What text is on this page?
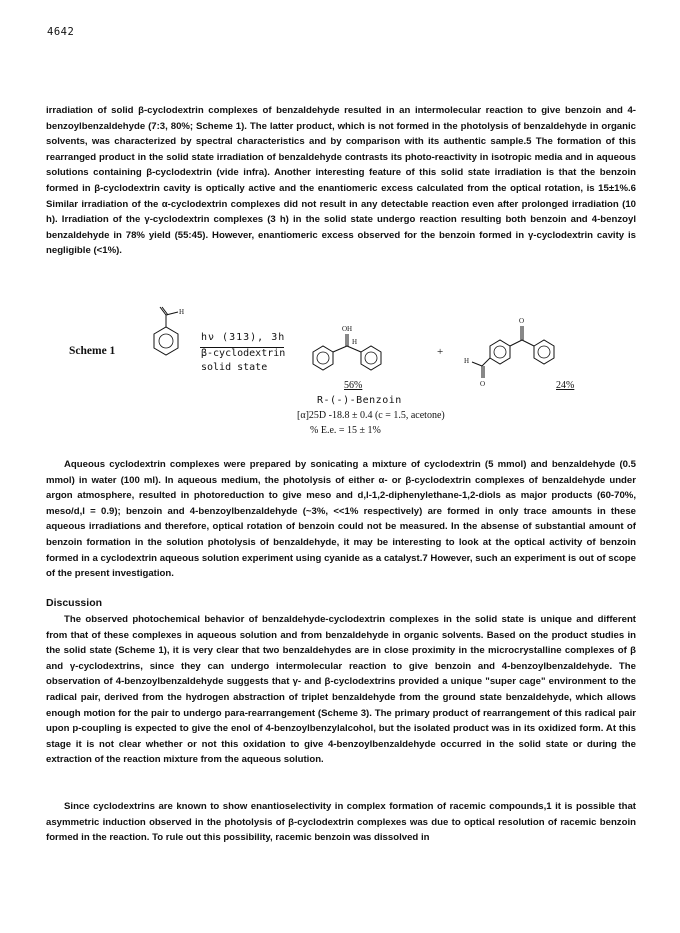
4642

irradiation of solid β-cyclodextrin complexes of benzaldehyde resulted in an intermolecular reaction to give benzoin and 4-benzoylbenzaldehyde (7:3, 80%; Scheme 1). The latter product, which is not formed in the photolysis of benzaldehyde in organic solvents, was characterized by spectral characteristics and by comparison with its authentic sample.5 The formation of this rearranged product in the solid state irradiation of benzaldehyde contrasts its photo-reactivity in isotropic media and in aqueous solutions containing β-cyclodextrin (vide infra). Another interesting feature of this solid state irradiation is that the benzoin formed in β-cyclodextrin cavity is optically active and the enantiomeric excess calculated from the optical rotation, is 15±1%.6 Similar irradiation of the α-cyclodextrin complexes did not result in any detectable reaction even after prolonged irradiation (10 h). Irradiation of the γ-cyclodextrin complexes (3 h) in the solid state undergo reaction resulting both benzoin and 4-benzoyl benzaldehyde in 78% yield (55:45). However, enantiomeric excess observed for the benzoin formed in γ-cyclodextrin cavity is negligible (<1%).

Scheme 1
H
hν (313), 3h
β-cyclodextrin
solid state
OH
H
+
H
O
O
56%	24%
R-(-)-Benzoin
[α]25D -18.8 ± 0.4 (c = 1.5, acetone)
% E.e. = 15 ± 1%

Aqueous cyclodextrin complexes were prepared by sonicating a mixture of cyclodextrin (5 mmol) and benzaldehyde (0.5 mmol) in water (100 ml). In aqueous medium, the photolysis of either α- or β-cyclodextrin complexes of benzaldehyde under argon atmosphere, resulted in photoreduction to give meso and d,l-1,2-diphenylethane-1,2-diols as major products (60-70%, meso/d,l = 0.9); benzoin and 4-benzoylbenzaldehyde (~3%, <<1% respectively) are formed in only trace amounts in these aqueous irradiations and therefore, optical rotation of benzoin could not be measured. In the absense of substantial amount of benzoin formation in the solution photolysis of benzaldehyde, it may be interesting to look at the optical activity of benzoin formed in a cyclodextrin aqueous solution experiment using cyanide as a catalyst.7 However, such an experiment is out of scope of the present investigation.

Discussion

The observed photochemical behavior of benzaldehyde-cyclodextrin complexes in the solid state is unique and different from that of these complexes in aqueous solution and from benzaldehyde in organic solvents. Based on the product studies in the solid state (Scheme 1), it is very clear that two benzaldehydes are in close proximity in the microcrystalline complexes of β and γ-cyclodextrins, since they can undergo intermolecular reaction to give benzoin and 4-benzoylbenzaldehyde. The observation of 4-benzoylbenzaldehyde suggests that γ- and β-cyclodextrins provided a unique "super cage" environment to the radical pair, derived from the hydrogen abstraction of triplet benzaldehyde from the ground state benzaldehyde, which allows enough motion for the pair to undergo para-rearrangement (Scheme 3). The primary product of rearrangement of this radical pair upon p-coupling is expected to give the enol of 4-benzoylbenzylalcohol, but the isolated product was in its oxidized form. At this stage it is not clear whether or not this oxidation to give 4-benzoylbenzaldehyde occurred in the solid state or during the extraction of the reaction mixture from the aqueous solution.

Since cyclodextrins are known to show enantioselectivity in complex formation of racemic compounds,1 it is possible that asymmetric induction observed in the photolysis of β-cyclodextrin complexes was due to optical resolution of racemic benzoin formed in the reaction. To rule out this possibility, racemic benzoin was dissolved in
